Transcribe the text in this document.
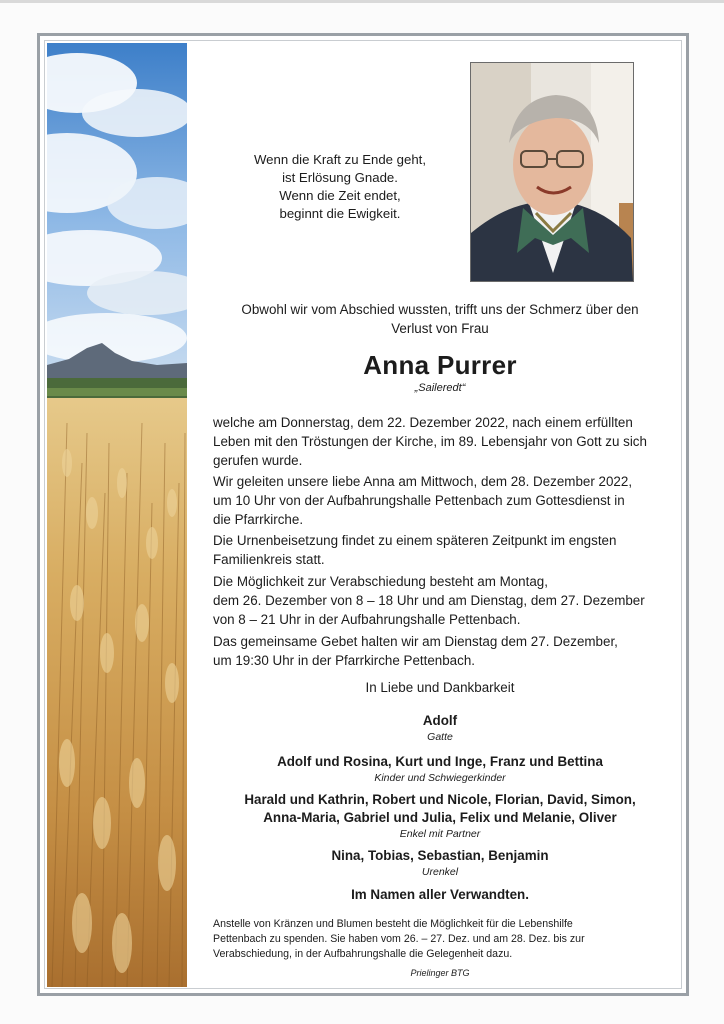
Wenn die Kraft zu Ende geht,
ist Erlösung Gnade.
Wenn die Zeit endet,
beginnt die Ewigkeit.
Obwohl wir vom Abschied wussten, trifft uns der Schmerz über den
Verlust von Frau
Anna Purrer
„Saileredt“

welche am Donnerstag, dem 22. Dezember 2022, nach einem erfüllten

Leben mit den Tröstungen der Kirche, im 89. Lebensjahr von Gott zu sich

gerufen wurde.

Wir geleiten unsere liebe Anna am Mittwoch, dem 28. Dezember 2022,

um 10 Uhr von der Aufbahrungshalle Pettenbach zum Gottesdienst in

die Pfarrkirche.

Die Urnenbeisetzung findet zu einem späteren Zeitpunkt im engsten

Familienkreis statt.

Die Möglichkeit zur Verabschiedung besteht am Montag,

dem 26. Dezember von 8 – 18 Uhr und am Dienstag, dem 27. Dezember

von 8 – 21 Uhr in der Aufbahrungshalle Pettenbach.

Das gemeinsame Gebet halten wir am Dienstag dem 27. Dezember,

um 19:30 Uhr in der Pfarrkirche Pettenbach.

In Liebe und Dankbarkeit
Adolf
Gatte
Adolf und Rosina, Kurt und Inge, Franz und Bettina
Kinder und Schwiegerkinder
Harald und Kathrin, Robert und Nicole, Florian, David, Simon,
Anna-Maria, Gabriel und Julia, Felix und Melanie, Oliver
Enkel mit Partner
Nina, Tobias, Sebastian, Benjamin
Urenkel
Im Namen aller Verwandten.
Anstelle von Kränzen und Blumen besteht die Möglichkeit für die Lebenshilfe
Pettenbach zu spenden. Sie haben vom 26. – 27. Dez. und am 28. Dez. bis zur
Verabschiedung, in der Aufbahrungshalle die Gelegenheit dazu.
Prielinger BTG
